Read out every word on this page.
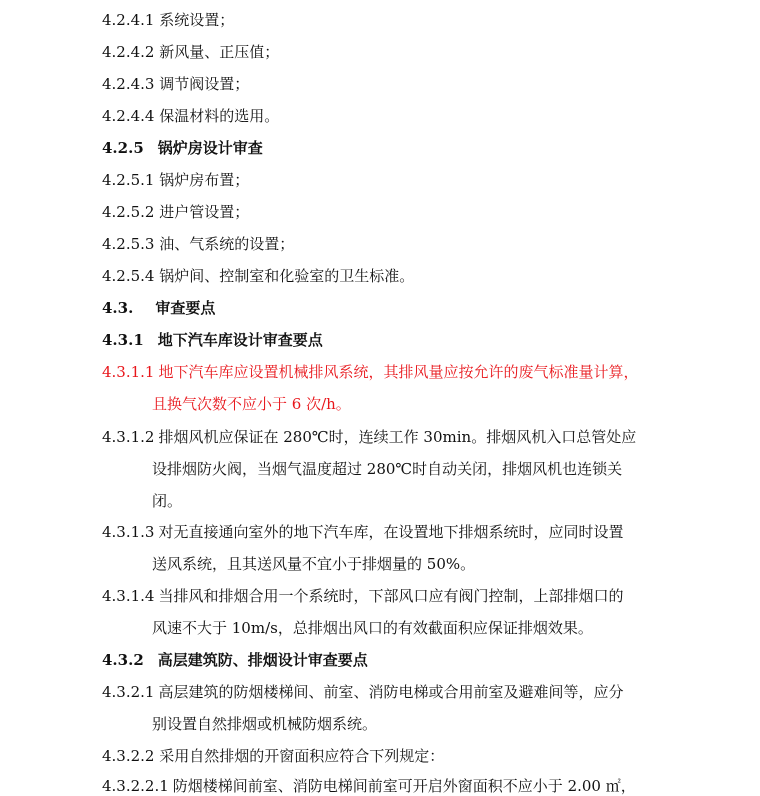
4.2.4.1 系统设置；
4.2.4.2 新风量、正压值；
4.2.4.3 调节阀设置；
4.2.4.4 保温材料的选用。
4.2.5 锅炉房设计审查
4.2.5.1 锅炉房布置；
4.2.5.2 进户管设置；
4.2.5.3 油、气系统的设置；
4.2.5.4 锅炉间、控制室和化验室的卫生标准。
4.3. 审查要点
4.3.1 地下汽车库设计审查要点
4.3.1.1 地下汽车库应设置机械排风系统，其排风量应按允许的废气标准量计算，
且换气次数不应小于 6 次/h。
4.3.1.2 排烟风机应保证在 280℃时，连续工作 30min。排烟风机入口总管处应
设排烟防火阀，当烟气温度超过 280℃时自动关闭，排烟风机也连锁关
闭。
4.3.1.3 对无直接通向室外的地下汽车库，在设置地下排烟系统时，应同时设置
送风系统，且其送风量不宜小于排烟量的 50%。
4.3.1.4 当排风和排烟合用一个系统时，下部风口应有阀门控制，上部排烟口的
风速不大于 10m/s，总排烟出风口的有效截面积应保证排烟效果。
4.3.2 高层建筑防、排烟设计审查要点
4.3.2.1 高层建筑的防烟楼梯间、前室、消防电梯或合用前室及避难间等，应分
别设置自然排烟或机械防烟系统。
4.3.2.2 采用自然排烟的开窗面积应符合下列规定：
4.3.2.2.1 防烟楼梯间前室、消防电梯间前室可开启外窗面积不应小于 2.00 ㎡，
